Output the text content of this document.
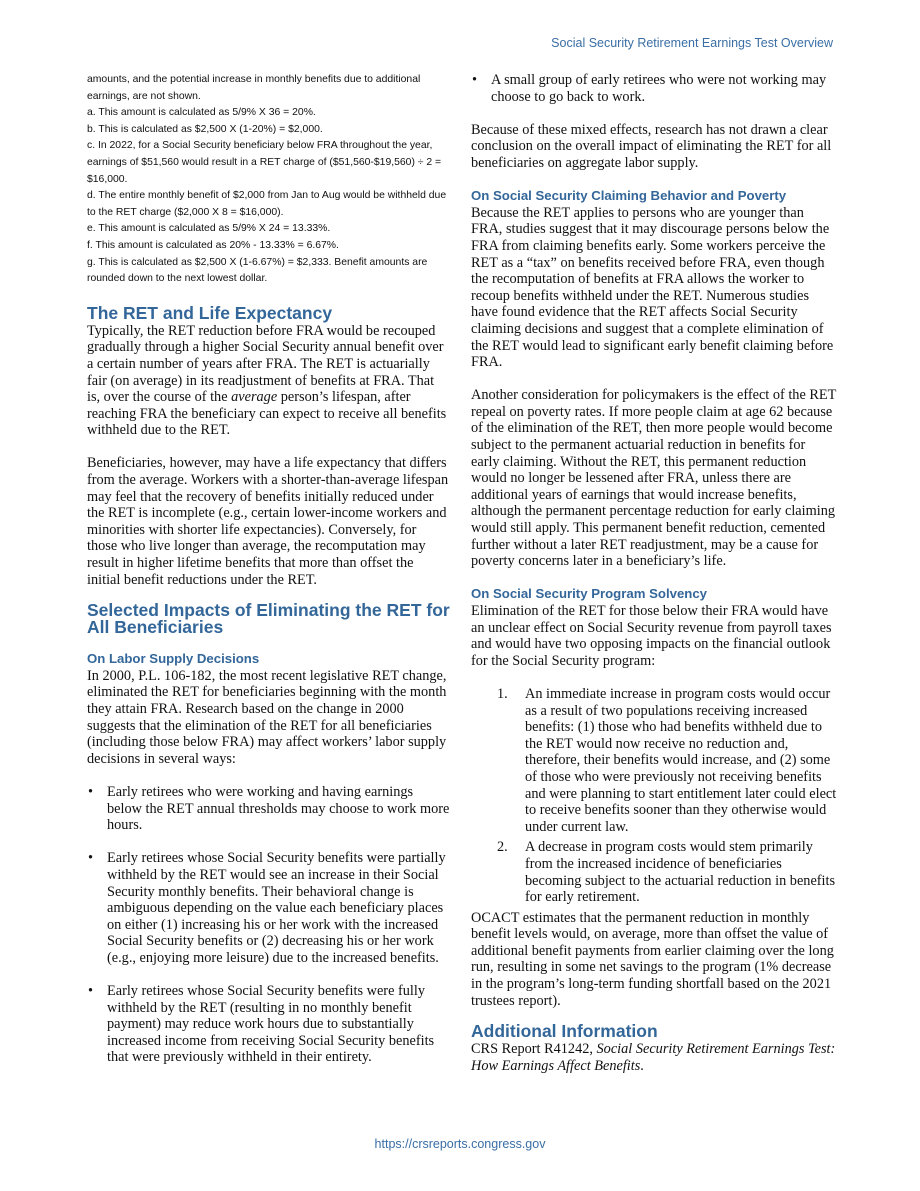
Social Security Retirement Earnings Test Overview

amounts, and the potential increase in monthly benefits due to additional earnings, are not shown.

a. This amount is calculated as 5/9% X 36 = 20%.

b. This is calculated as $2,500 X (1-20%) = $2,000.

c. In 2022, for a Social Security beneficiary below FRA throughout the year, earnings of $51,560 would result in a RET charge of ($51,560-$19,560) ÷ 2 = $16,000.

d. The entire monthly benefit of $2,000 from Jan to Aug would be withheld due to the RET charge ($2,000 X 8 = $16,000).

e. This amount is calculated as 5/9% X 24 = 13.33%.

f. This amount is calculated as 20% - 13.33% = 6.67%.

g. This is calculated as $2,500 X (1-6.67%) = $2,333. Benefit amounts are rounded down to the next lowest dollar.

The RET and Life Expectancy

Typically, the RET reduction before FRA would be recouped gradually through a higher Social Security annual benefit over a certain number of years after FRA. The RET is actuarially fair (on average) in its readjustment of benefits at FRA. That is, over the course of the average person’s lifespan, after reaching FRA the beneficiary can expect to receive all benefits withheld due to the RET.

Beneficiaries, however, may have a life expectancy that differs from the average. Workers with a shorter-than-average lifespan may feel that the recovery of benefits initially reduced under the RET is incomplete (e.g., certain lower-income workers and minorities with shorter life expectancies). Conversely, for those who live longer than average, the recomputation may result in higher lifetime benefits that more than offset the initial benefit reductions under the RET.

Selected Impacts of Eliminating the RET for All Beneficiaries
On Labor Supply Decisions

In 2000, P.L. 106-182, the most recent legislative RET change, eliminated the RET for beneficiaries beginning with the month they attain FRA. Research based on the change in 2000 suggests that the elimination of the RET for all beneficiaries (including those below FRA) may affect workers’ labor supply decisions in several ways:

• Early retirees who were working and having earnings below the RET annual thresholds may choose to work more hours.
• Early retirees whose Social Security benefits were partially withheld by the RET would see an increase in their Social Security monthly benefits. Their behavioral change is ambiguous depending on the value each beneficiary places on either (1) increasing his or her work with the increased Social Security benefits or (2) decreasing his or her work (e.g., enjoying more leisure) due to the increased benefits.
• Early retirees whose Social Security benefits were fully withheld by the RET (resulting in no monthly benefit payment) may reduce work hours due to substantially increased income from receiving Social Security benefits that were previously withheld in their entirety.
• A small group of early retirees who were not working may choose to go back to work.

Because of these mixed effects, research has not drawn a clear conclusion on the overall impact of eliminating the RET for all beneficiaries on aggregate labor supply.

On Social Security Claiming Behavior and Poverty

Because the RET applies to persons who are younger than FRA, studies suggest that it may discourage persons below the FRA from claiming benefits early. Some workers perceive the RET as a “tax” on benefits received before FRA, even though the recomputation of benefits at FRA allows the worker to recoup benefits withheld under the RET. Numerous studies have found evidence that the RET affects Social Security claiming decisions and suggest that a complete elimination of the RET would lead to significant early benefit claiming before FRA.

Another consideration for policymakers is the effect of the RET repeal on poverty rates. If more people claim at age 62 because of the elimination of the RET, then more people would become subject to the permanent actuarial reduction in benefits for early claiming. Without the RET, this permanent reduction would no longer be lessened after FRA, unless there are additional years of earnings that would increase benefits, although the permanent percentage reduction for early claiming would still apply. This permanent benefit reduction, cemented further without a later RET readjustment, may be a cause for poverty concerns later in a beneficiary’s life.

On Social Security Program Solvency

Elimination of the RET for those below their FRA would have an unclear effect on Social Security revenue from payroll taxes and would have two opposing impacts on the financial outlook for the Social Security program:

1. An immediate increase in program costs would occur as a result of two populations receiving increased benefits: (1) those who had benefits withheld due to the RET would now receive no reduction and, therefore, their benefits would increase, and (2) some of those who were previously not receiving benefits and were planning to start entitlement later could elect to receive benefits sooner than they otherwise would under current law.
2. A decrease in program costs would stem primarily from the increased incidence of beneficiaries becoming subject to the actuarial reduction in benefits for early retirement.

OCACT estimates that the permanent reduction in monthly benefit levels would, on average, more than offset the value of additional benefit payments from earlier claiming over the long run, resulting in some net savings to the program (1% decrease in the program’s long-term funding shortfall based on the 2021 trustees report).

Additional Information

CRS Report R41242, Social Security Retirement Earnings Test: How Earnings Affect Benefits.

https://crsreports.congress.gov
